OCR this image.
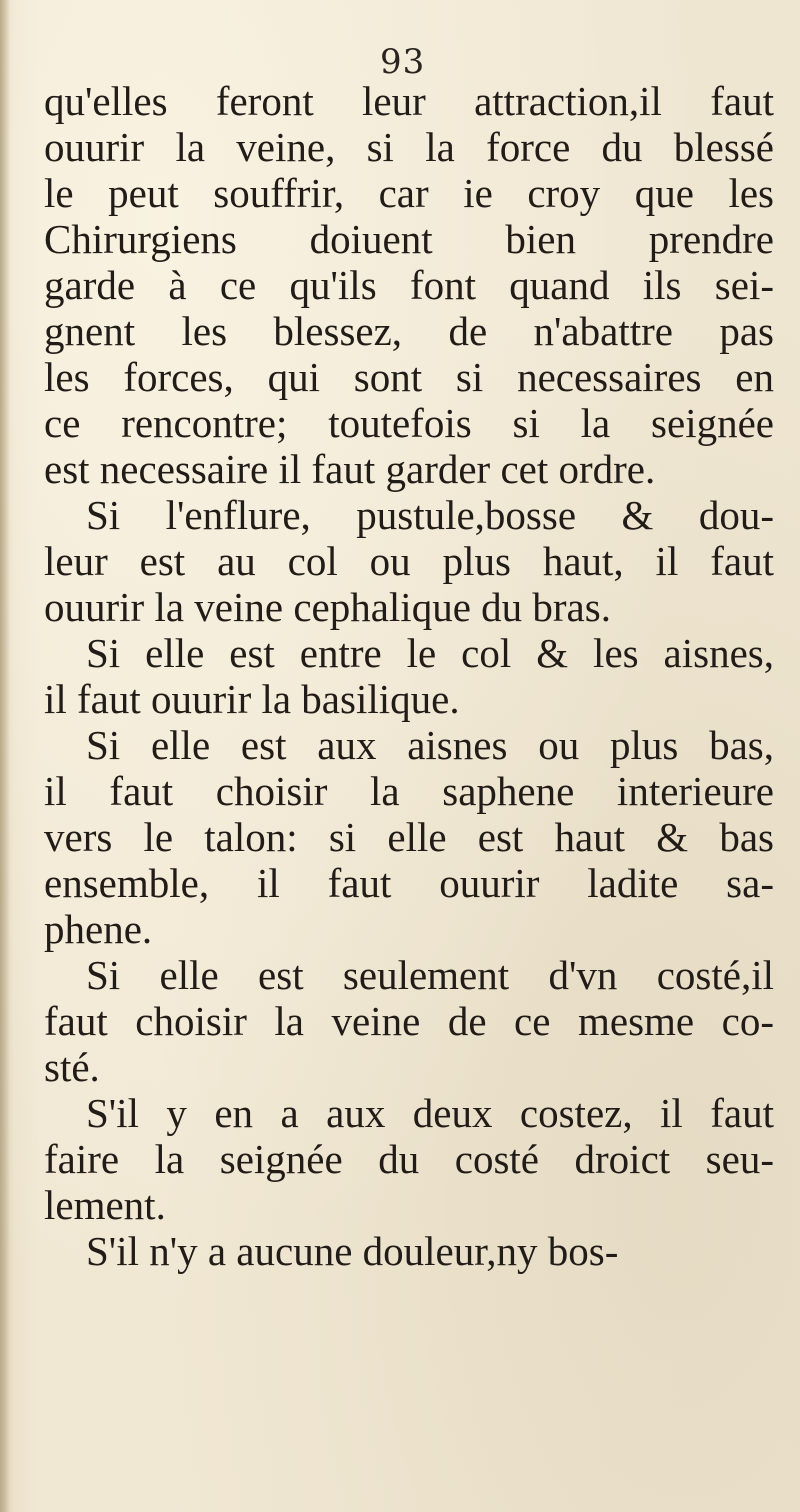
93
qu'elles feront leur attraction,il faut
ouurir la veine, si la force du blessé
le peut souffrir, car ie croy que les
Chirurgiens doiuent bien prendre
garde à ce qu'ils font quand ils sei-
gnent les blessez, de n'abattre pas
les forces, qui sont si necessaires en
ce rencontre; toutefois si la seignée
est necessaire il faut garder cet ordre.
Si l'enflure, pustule,bosse & dou-
leur est au col ou plus haut, il faut
ouurir la veine cephalique du bras.
Si elle est entre le col & les aisnes,
il faut ouurir la basilique.
Si elle est aux aisnes ou plus bas,
il faut choisir la saphene interieure
vers le talon: si elle est haut & bas
ensemble, il faut ouurir ladite sa-
phene.
Si elle est seulement d'vn costé,il
faut choisir la veine de ce mesme co-
sté.
S'il y en a aux deux costez, il faut
faire la seignée du costé droict seu-
lement.
S'il n'y a aucune douleur,ny bos-
